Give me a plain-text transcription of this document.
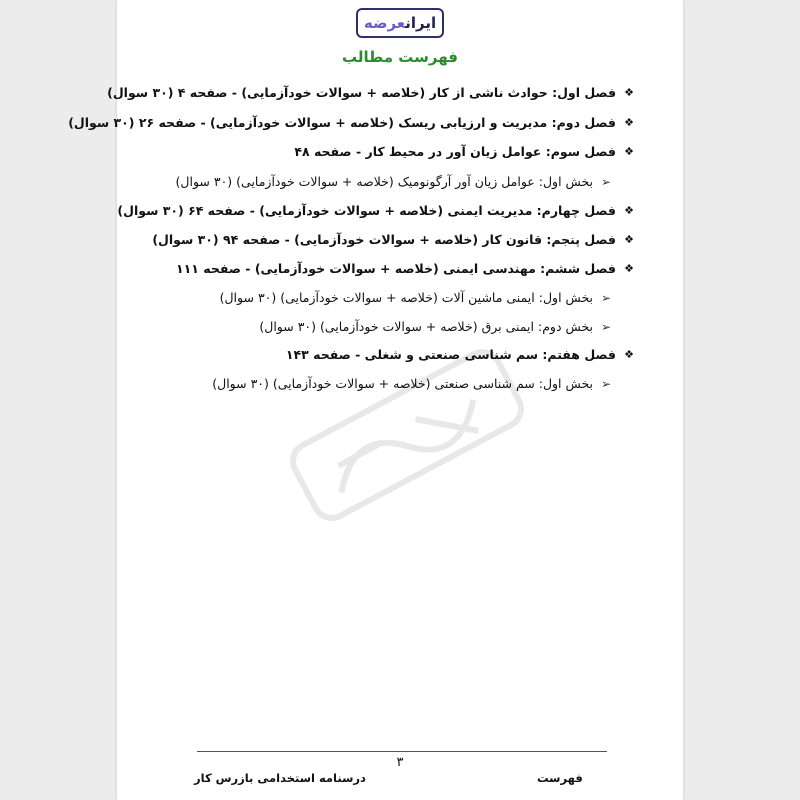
ایرانعرضه
فهرست مطالب
❖
فصل اول: حوادث ناشی از کار (خلاصه + سوالات خودآزمایی) - صفحه ۴ (۳۰ سوال)
❖
فصل دوم: مدیریت و ارزیابی ریسک (خلاصه + سوالات خودآزمایی) - صفحه ۲۶ (۳۰ سوال)
❖
فصل سوم: عوامل زیان آور در محیط کار - صفحه ۴۸
➢
بخش اول: عوامل زیان آور آرگونومیک (خلاصه + سوالات خودآزمایی) (۳۰ سوال)
❖
فصل چهارم: مدیریت ایمنی (خلاصه + سوالات خودآزمایی) - صفحه ۶۴ (۳۰ سوال)
❖
فصل پنجم: قانون کار (خلاصه + سوالات خودآزمایی) - صفحه ۹۴ (۳۰ سوال)
❖
فصل ششم: مهندسی ایمنی (خلاصه + سوالات خودآزمایی) - صفحه ۱۱۱
➢
بخش اول: ایمنی ماشین آلات (خلاصه + سوالات خودآزمایی) (۳۰ سوال)
➢
بخش دوم: ایمنی برق (خلاصه + سوالات خودآزمایی) (۳۰ سوال)
❖
فصل هفتم: سم شناسی صنعتی و شغلی - صفحه ۱۴۳
➢
بخش اول: سم شناسی صنعتی (خلاصه + سوالات خودآزمایی) (۳۰ سوال)
۳
درسنامه استخدامی بازرس کار	فهرست
